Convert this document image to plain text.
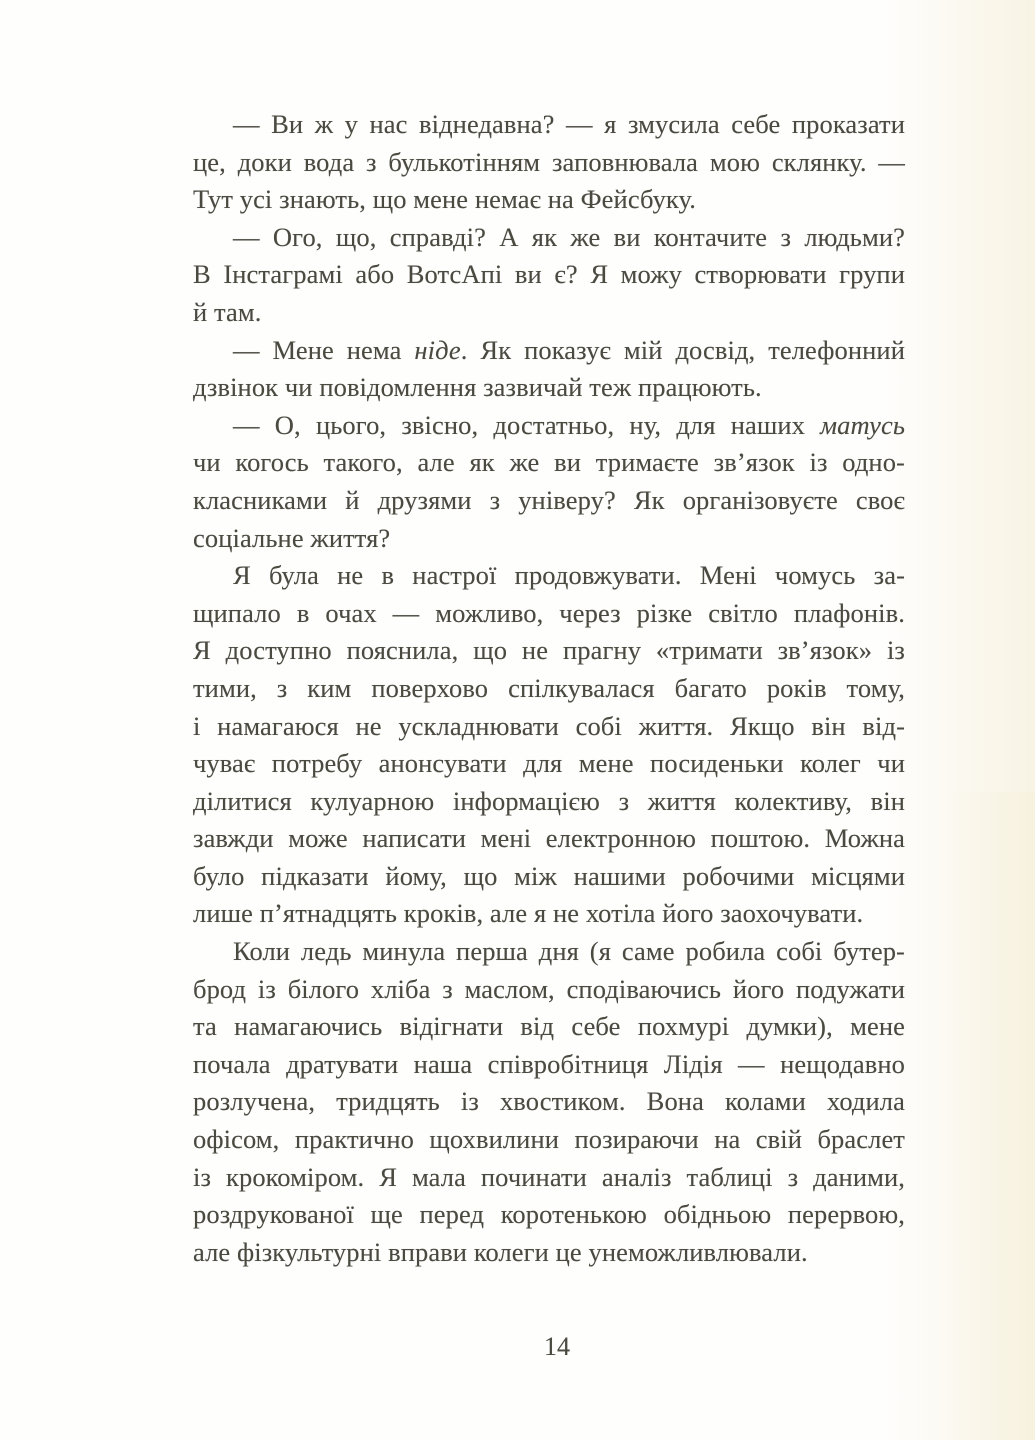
— Ви ж у нас віднедавна? — я змусила себе проказати
це, доки вода з булькотінням заповнювала мою склянку. —
Тут усі знають, що мене немає на Фейсбуку.
— Ого, що, справді? А як же ви контачите з людьми?
В Інстаграмі або ВотсАпі ви є? Я можу створювати групи
й там.
— Мене нема ніде. Як показує мій досвід, телефонний
дзвінок чи повідомлення зазвичай теж працюють.
— О, цього, звісно, достатньо, ну, для наших матусь
чи когось такого, але як же ви тримаєте зв’язок із одно-
класниками й друзями з універу? Як організовуєте своє
соціальне життя?
Я була не в настрої продовжувати. Мені чомусь за-
щипало в очах — можливо, через різке світло плафонів.
Я доступно пояснила, що не прагну «тримати зв’язок» із
тими, з ким поверхово спілкувалася багато років тому,
і намагаюся не ускладнювати собі життя. Якщо він від-
чуває потребу анонсувати для мене посиденьки колег чи
ділитися кулуарною інформацією з життя колективу, він
завжди може написати мені електронною поштою. Можна
було підказати йому, що між нашими робочими місцями
лише п’ятнадцять кроків, але я не хотіла його заохочувати.
Коли ледь минула перша дня (я саме робила собі бутер-
брод із білого хліба з маслом, сподіваючись його подужати
та намагаючись відігнати від себе похмурі думки), мене
почала дратувати наша співробітниця Лідія — нещодавно
розлучена, тридцять із хвостиком. Вона колами ходила
офісом, практично щохвилини позираючи на свій браслет
із крокоміром. Я мала починати аналіз таблиці з даними,
роздрукованої ще перед коротенькою обідньою перервою,
але фізкультурні вправи колеги це унеможливлювали.
14
